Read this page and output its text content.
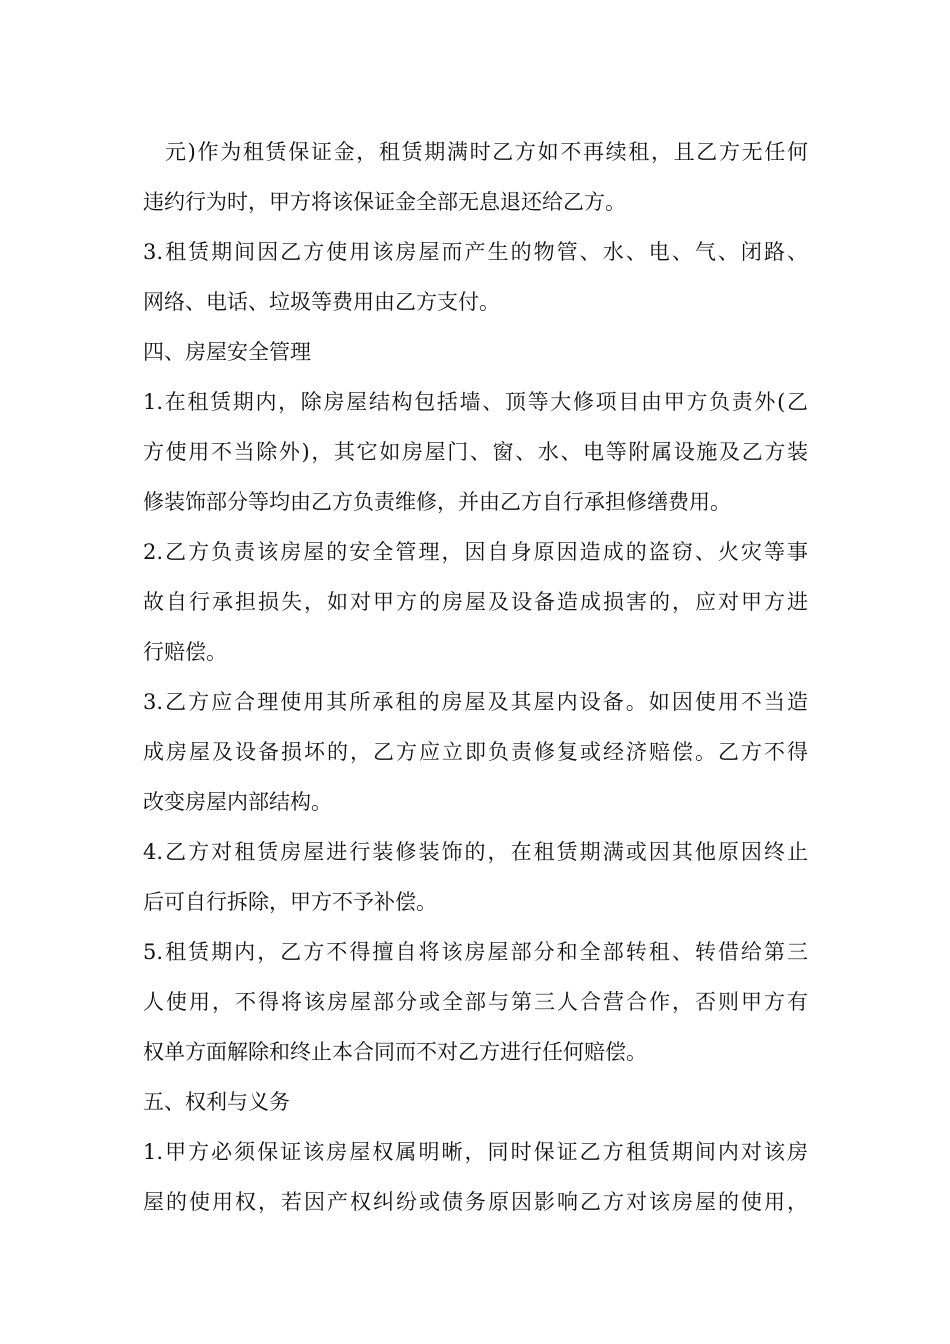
元)作为租赁保证金，租赁期满时乙方如不再续租，且乙方无任何
违约行为时，甲方将该保证金全部无息退还给乙方。
3.租赁期间因乙方使用该房屋而产生的物管、水、电、气、闭路、
网络、电话、垃圾等费用由乙方支付。
四、房屋安全管理
1.在租赁期内，除房屋结构包括墙、顶等大修项目由甲方负责外(乙
方使用不当除外)，其它如房屋门、窗、水、电等附属设施及乙方装
修装饰部分等均由乙方负责维修，并由乙方自行承担修缮费用。
2.乙方负责该房屋的安全管理，因自身原因造成的盗窃、火灾等事
故自行承担损失，如对甲方的房屋及设备造成损害的，应对甲方进
行赔偿。
3.乙方应合理使用其所承租的房屋及其屋内设备。如因使用不当造
成房屋及设备损坏的，乙方应立即负责修复或经济赔偿。乙方不得
改变房屋内部结构。
4.乙方对租赁房屋进行装修装饰的，在租赁期满或因其他原因终止
后可自行拆除，甲方不予补偿。
5.租赁期内，乙方不得擅自将该房屋部分和全部转租、转借给第三
人使用，不得将该房屋部分或全部与第三人合营合作，否则甲方有
权单方面解除和终止本合同而不对乙方进行任何赔偿。
五、权利与义务
1.甲方必须保证该房屋权属明晰，同时保证乙方租赁期间内对该房
屋的使用权，若因产权纠纷或债务原因影响乙方对该房屋的使用，
